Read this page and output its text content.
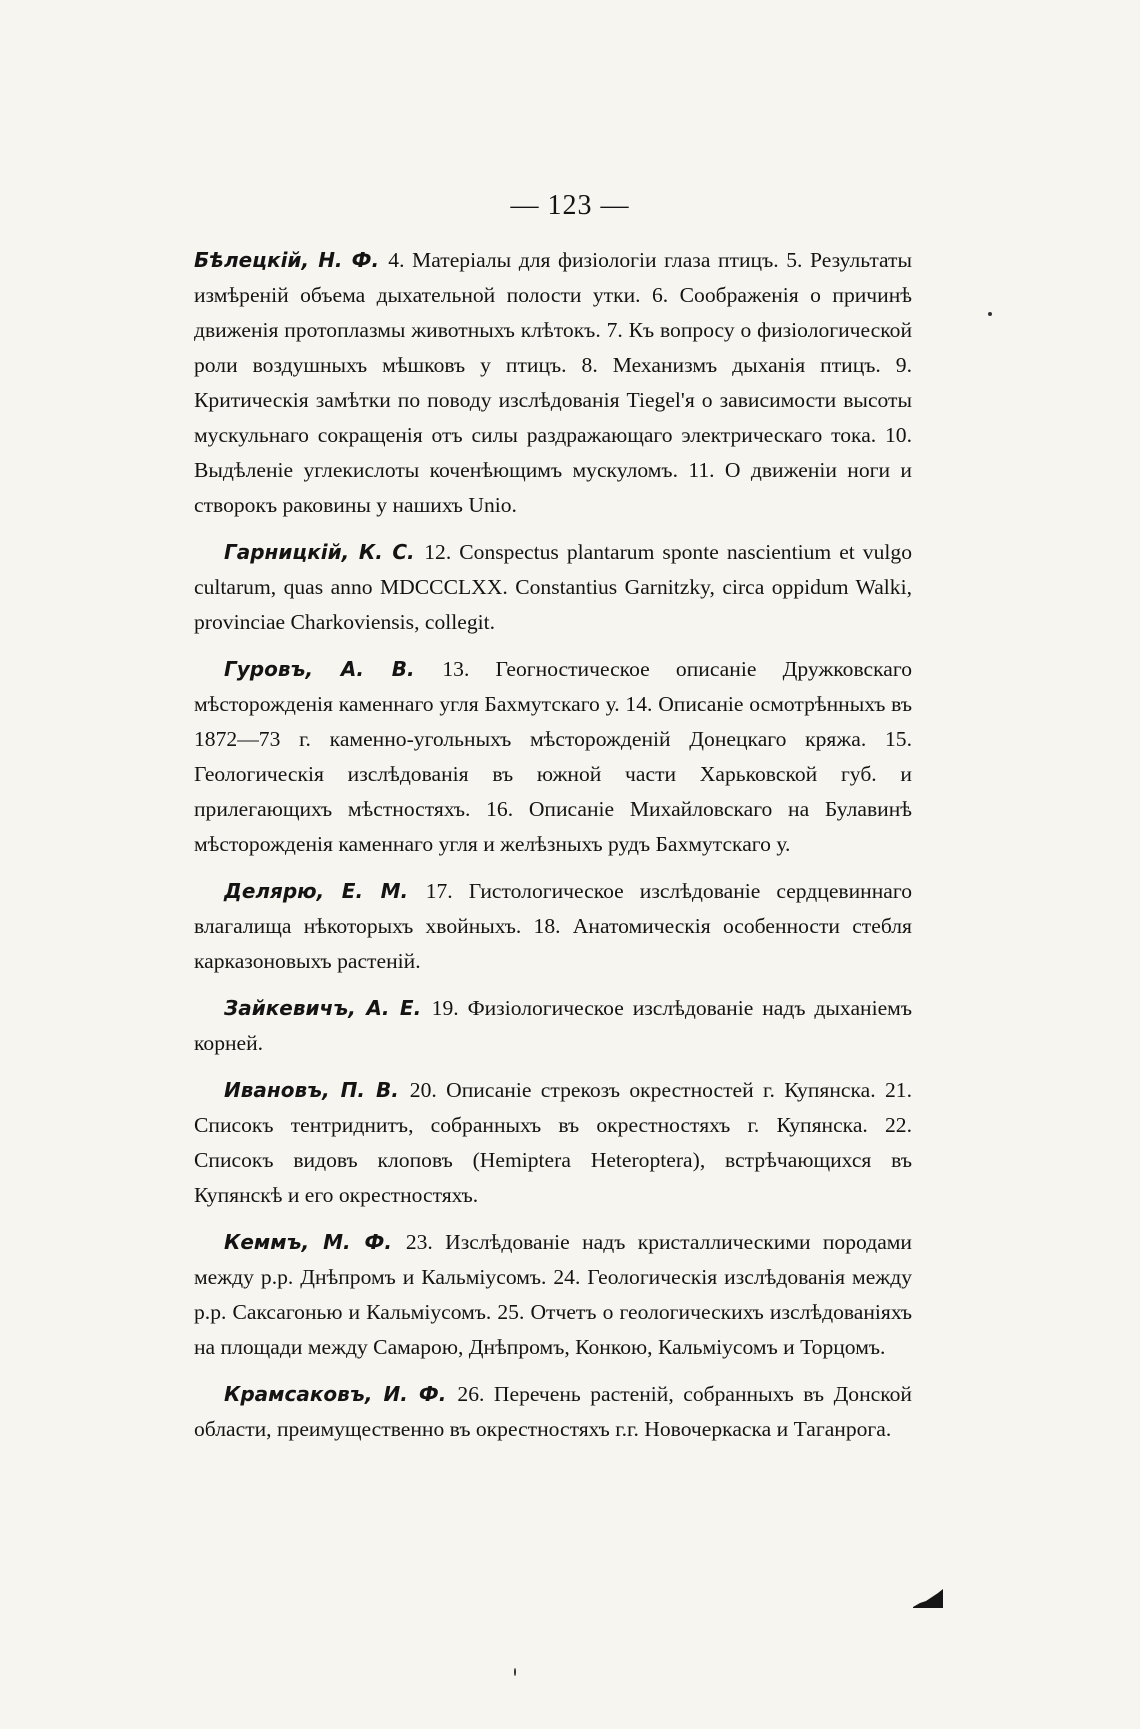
— 123 —

Бѣлецкій, Н. Ф. 4. Матеріалы для физіологіи глаза птицъ. 5. Результаты измѣреній объема дыхательной полости утки. 6. Соображенія о причинѣ движенія протоплазмы животныхъ клѣтокъ. 7. Къ вопросу о физіологической роли воздушныхъ мѣшковъ у птицъ. 8. Механизмъ дыханія птицъ. 9. Критическія замѣтки по поводу изслѣдованія Tiegel'я о зависимости высоты мускульнаго сокращенія отъ силы раздражающаго электрическаго тока. 10. Выдѣленіе углекислоты коченѣющимъ мускуломъ. 11. О движеніи ноги и створокъ раковины у нашихъ Unio.

Гарницкій, К. С. 12. Conspectus plantarum sponte nascientium et vulgo cultarum, quas anno MDCCCLXX. Constantius Garnitzky, circa oppidum Walki, provinciae Charkoviensis, collegit.

Гуровъ, А. В. 13. Геогностическое описаніе Дружковскаго мѣсторожденія каменнаго угля Бахмутскаго у. 14. Описаніе осмотрѣнныхъ въ 1872—73 г. каменно-угольныхъ мѣсторожденій Донецкаго кряжа. 15. Геологическія изслѣдованія въ южной части Харьковской губ. и прилегающихъ мѣстностяхъ. 16. Описаніе Михайловскаго на Булавинѣ мѣсторожденія каменнаго угля и желѣзныхъ рудъ Бахмутскаго у.

Делярю, Е. М. 17. Гистологическое изслѣдованіе сердцевиннаго влагалища нѣкоторыхъ хвойныхъ. 18. Анатомическія особенности стебля карказоновыхъ растеній.

Зайкевичъ, А. Е. 19. Физіологическое изслѣдованіе надъ дыханіемъ корней.

Ивановъ, П. В. 20. Описаніе стрекозъ окрестностей г. Купянска. 21. Списокъ тентриднитъ, собранныхъ въ окрестностяхъ г. Купянска. 22. Списокъ видовъ клоповъ (Hemiptera Heteroptera), встрѣчающихся въ Купянскѣ и его окрестностяхъ.

Кеммъ, М. Ф. 23. Изслѣдованіе надъ кристаллическими породами между р.р. Днѣпромъ и Кальміусомъ. 24. Геологическія изслѣдованія между р.р. Саксагонью и Кальміусомъ. 25. Отчетъ о геологическихъ изслѣдованіяхъ на площади между Самарою, Днѣпромъ, Конкою, Кальміусомъ и Торцомъ.

Крамсаковъ, И. Ф. 26. Перечень растеній, собранныхъ въ Донской области, преимущественно въ окрестностяхъ г.г. Новочеркаска и Таганрога.
